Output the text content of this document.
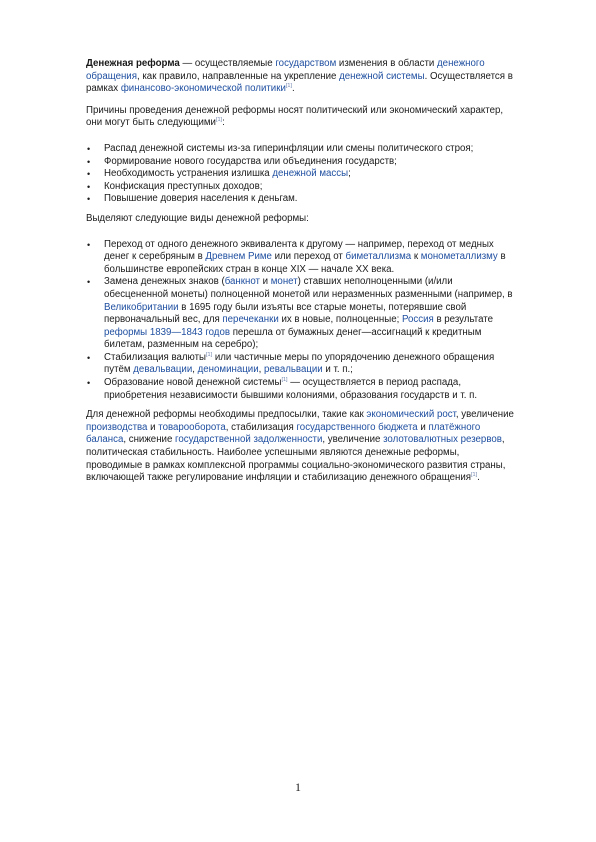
Денежная реформа — осуществляемые государством изменения в области денежного обращения, как правило, направленные на укрепление денежной системы. Осуществляется в рамках финансово-экономической политики[1].

Причины проведения денежной реформы носят политический или экономический характер, они могут быть следующими[1]:

• Распад денежной системы из-за гиперинфляции или смены политического строя;
• Формирование нового государства или объединения государств;
• Необходимость устранения излишка денежной массы;
• Конфискация преступных доходов;
• Повышение доверия населения к деньгам.

Выделяют следующие виды денежной реформы:

• Переход от одного денежного эквивалента к другому — например, переход от медных денег к серебряным в Древнем Риме или переход от биметаллизма к монометаллизму в большинстве европейских стран в конце XIX — начале XX века.
• Замена денежных знаков (банкнот и монет) ставших неполноценными (и/или обесцененной монеты) полноценной монетой или неразменных разменными (например, в Великобритании в 1695 году были изъяты все старые монеты, потерявшие свой первоначальный вес, для перечеканки их в новые, полноценные; Россия в результате реформы 1839—1843 годов перешла от бумажных денег—ассигнаций к кредитным билетам, разменным на серебро);
• Стабилизация валюты[1] или частичные меры по упорядочению денежного обращения путём девальвации, деноминации, ревальвации и т. п.;
• Образование новой денежной системы[1] — осуществляется в период распада, приобретения независимости бывшими колониями, образования государств и т. п.

Для денежной реформы необходимы предпосылки, такие как экономический рост, увеличение производства и товарооборота, стабилизация государственного бюджета и платёжного баланса, снижение государственной задолженности, увеличение золотовалютных резервов, политическая стабильность. Наиболее успешными являются денежные реформы, проводимые в рамках комплексной программы социально-экономического развития страны, включающей также регулирование инфляции и стабилизацию денежного обращения[1].

1
